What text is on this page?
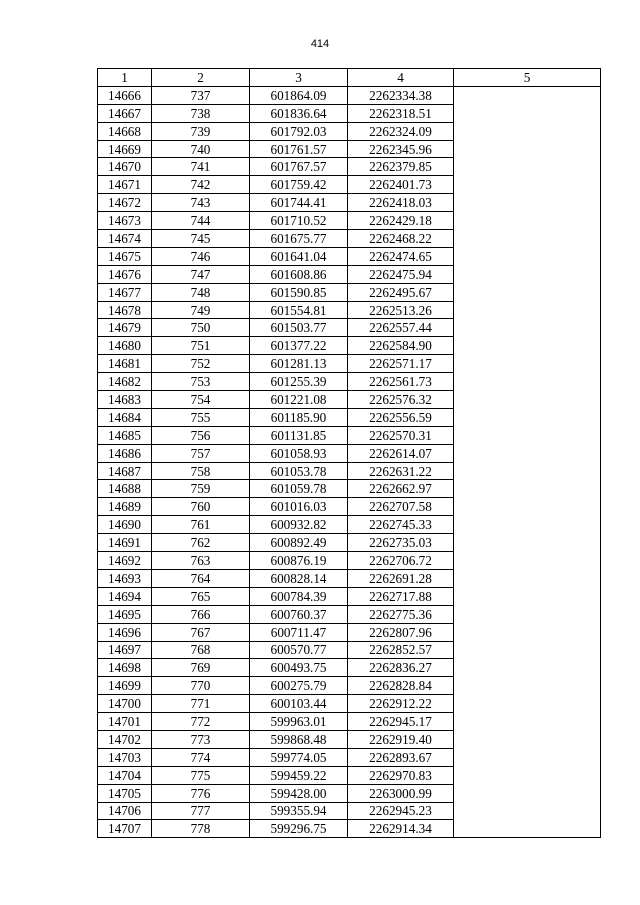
414
1	2	3	4	5
14666	737	601864.09	2262334.38	
14667	738	601836.64	2262318.51	
14668	739	601792.03	2262324.09	
14669	740	601761.57	2262345.96	
14670	741	601767.57	2262379.85	
14671	742	601759.42	2262401.73	
14672	743	601744.41	2262418.03	
14673	744	601710.52	2262429.18	
14674	745	601675.77	2262468.22	
14675	746	601641.04	2262474.65	
14676	747	601608.86	2262475.94	
14677	748	601590.85	2262495.67	
14678	749	601554.81	2262513.26	
14679	750	601503.77	2262557.44	
14680	751	601377.22	2262584.90	
14681	752	601281.13	2262571.17	
14682	753	601255.39	2262561.73	
14683	754	601221.08	2262576.32	
14684	755	601185.90	2262556.59	
14685	756	601131.85	2262570.31	
14686	757	601058.93	2262614.07	
14687	758	601053.78	2262631.22	
14688	759	601059.78	2262662.97	
14689	760	601016.03	2262707.58	
14690	761	600932.82	2262745.33	
14691	762	600892.49	2262735.03	
14692	763	600876.19	2262706.72	
14693	764	600828.14	2262691.28	
14694	765	600784.39	2262717.88	
14695	766	600760.37	2262775.36	
14696	767	600711.47	2262807.96	
14697	768	600570.77	2262852.57	
14698	769	600493.75	2262836.27	
14699	770	600275.79	2262828.84	
14700	771	600103.44	2262912.22	
14701	772	599963.01	2262945.17	
14702	773	599868.48	2262919.40	
14703	774	599774.05	2262893.67	
14704	775	599459.22	2262970.83	
14705	776	599428.00	2263000.99	
14706	777	599355.94	2262945.23	
14707	778	599296.75	2262914.34	
